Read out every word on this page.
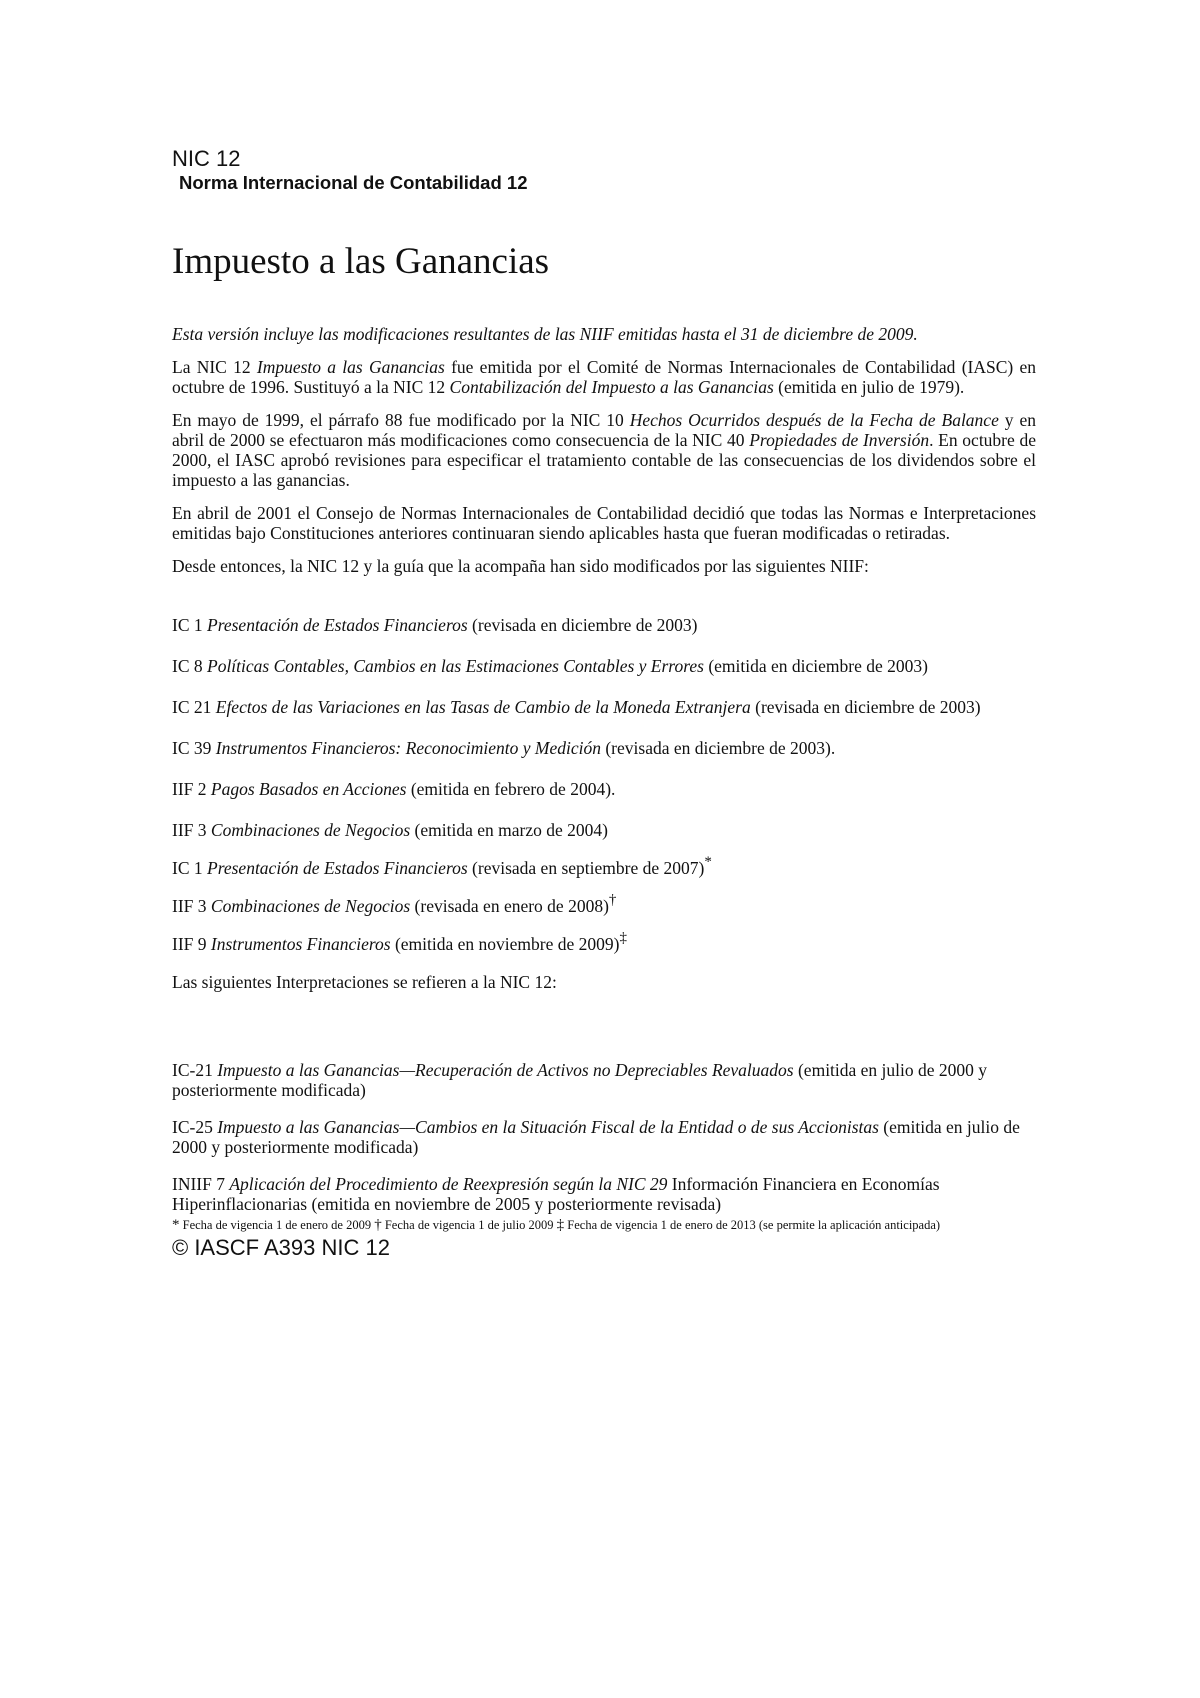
NIC 12
Norma Internacional de Contabilidad 12
Impuesto a las Ganancias

Esta versión incluye las modificaciones resultantes de las NIIF emitidas hasta el 31 de diciembre de 2009.

La NIC 12 Impuesto a las Ganancias fue emitida por el Comité de Normas Internacionales de Contabilidad (IASC) en octubre de 1996. Sustituyó a la NIC 12 Contabilización del Impuesto a las Ganancias (emitida en julio de 1979).

En mayo de 1999, el párrafo 88 fue modificado por la NIC 10 Hechos Ocurridos después de la Fecha de Balance y en abril de 2000 se efectuaron más modificaciones como consecuencia de la NIC 40 Propiedades de Inversión. En octubre de 2000, el IASC aprobó revisiones para especificar el tratamiento contable de las consecuencias de los dividendos sobre el impuesto a las ganancias.

En abril de 2001 el Consejo de Normas Internacionales de Contabilidad decidió que todas las Normas e Interpretaciones emitidas bajo Constituciones anteriores continuaran siendo aplicables hasta que fueran modificadas o retiradas.

Desde entonces, la NIC 12 y la guía que la acompaña han sido modificados por las siguientes NIIF:

IC 1 Presentación de Estados Financieros (revisada en diciembre de 2003)
IC 8 Políticas Contables, Cambios en las Estimaciones Contables y Errores (emitida en diciembre de 2003)
IC 21 Efectos de las Variaciones en las Tasas de Cambio de la Moneda Extranjera (revisada en diciembre de 2003)
IC 39 Instrumentos Financieros: Reconocimiento y Medición (revisada en diciembre de 2003).
IIF 2 Pagos Basados en Acciones (emitida en febrero de 2004).
IIF 3 Combinaciones de Negocios (emitida en marzo de 2004)
IC 1 Presentación de Estados Financieros (revisada en septiembre de 2007)*
IIF 3 Combinaciones de Negocios (revisada en enero de 2008)†
IIF 9 Instrumentos Financieros (emitida en noviembre de 2009)‡

Las siguientes Interpretaciones se refieren a la NIC 12:

IC-21 Impuesto a las Ganancias—Recuperación de Activos no Depreciables Revaluados (emitida en julio de 2000 y posteriormente modificada)

IC-25 Impuesto a las Ganancias—Cambios en la Situación Fiscal de la Entidad o de sus Accionistas (emitida en julio de 2000 y posteriormente modificada)

INIIF 7 Aplicación del Procedimiento de Reexpresión según la NIC 29 Información Financiera en Economías Hiperinflacionarias (emitida en noviembre de 2005 y posteriormente revisada)

* Fecha de vigencia 1 de enero de 2009 † Fecha de vigencia 1 de julio 2009 ‡ Fecha de vigencia 1 de enero de 2013 (se permite la aplicación anticipada)

© IASCF A393 NIC 12
